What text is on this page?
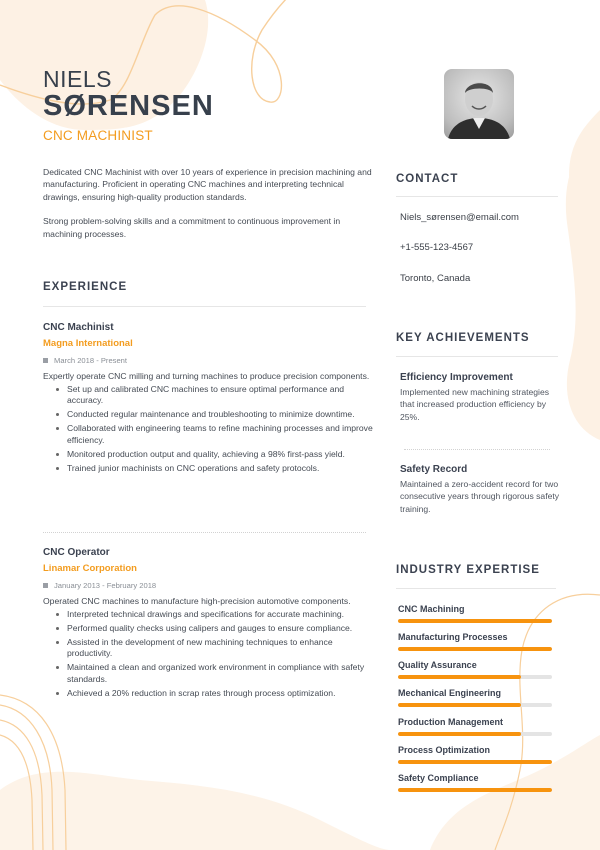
NIELS
SØRENSEN
CNC MACHINIST

Dedicated CNC Machinist with over 10 years of experience in precision machining and manufacturing. Proficient in operating CNC machines and interpreting technical drawings, ensuring high-quality production standards.

Strong problem-solving skills and a commitment to continuous improvement in machining processes.

EXPERIENCE
CNC Machinist
Magna International
March 2018 - Present
Expertly operate CNC milling and turning machines to produce precision components.
Set up and calibrated CNC machines to ensure optimal performance and accuracy.
Conducted regular maintenance and troubleshooting to minimize downtime.
Collaborated with engineering teams to refine machining processes and improve efficiency.
Monitored production output and quality, achieving a 98% first-pass yield.
Trained junior machinists on CNC operations and safety protocols.
CNC Operator
Linamar Corporation
January 2013 - February 2018
Operated CNC machines to manufacture high-precision automotive components.
Interpreted technical drawings and specifications for accurate machining.
Performed quality checks using calipers and gauges to ensure compliance.
Assisted in the development of new machining techniques to enhance productivity.
Maintained a clean and organized work environment in compliance with safety standards.
Achieved a 20% reduction in scrap rates through process optimization.
CONTACT
Niels_sørensen@email.com
+1-555-123-4567
Toronto, Canada
KEY ACHIEVEMENTS
Efficiency Improvement
Implemented new machining strategies that increased production efficiency by 25%.
Safety Record
Maintained a zero-accident record for two consecutive years through rigorous safety training.
INDUSTRY EXPERTISE
CNC Machining
Manufacturing Processes
Quality Assurance
Mechanical Engineering
Production Management
Process Optimization
Safety Compliance
